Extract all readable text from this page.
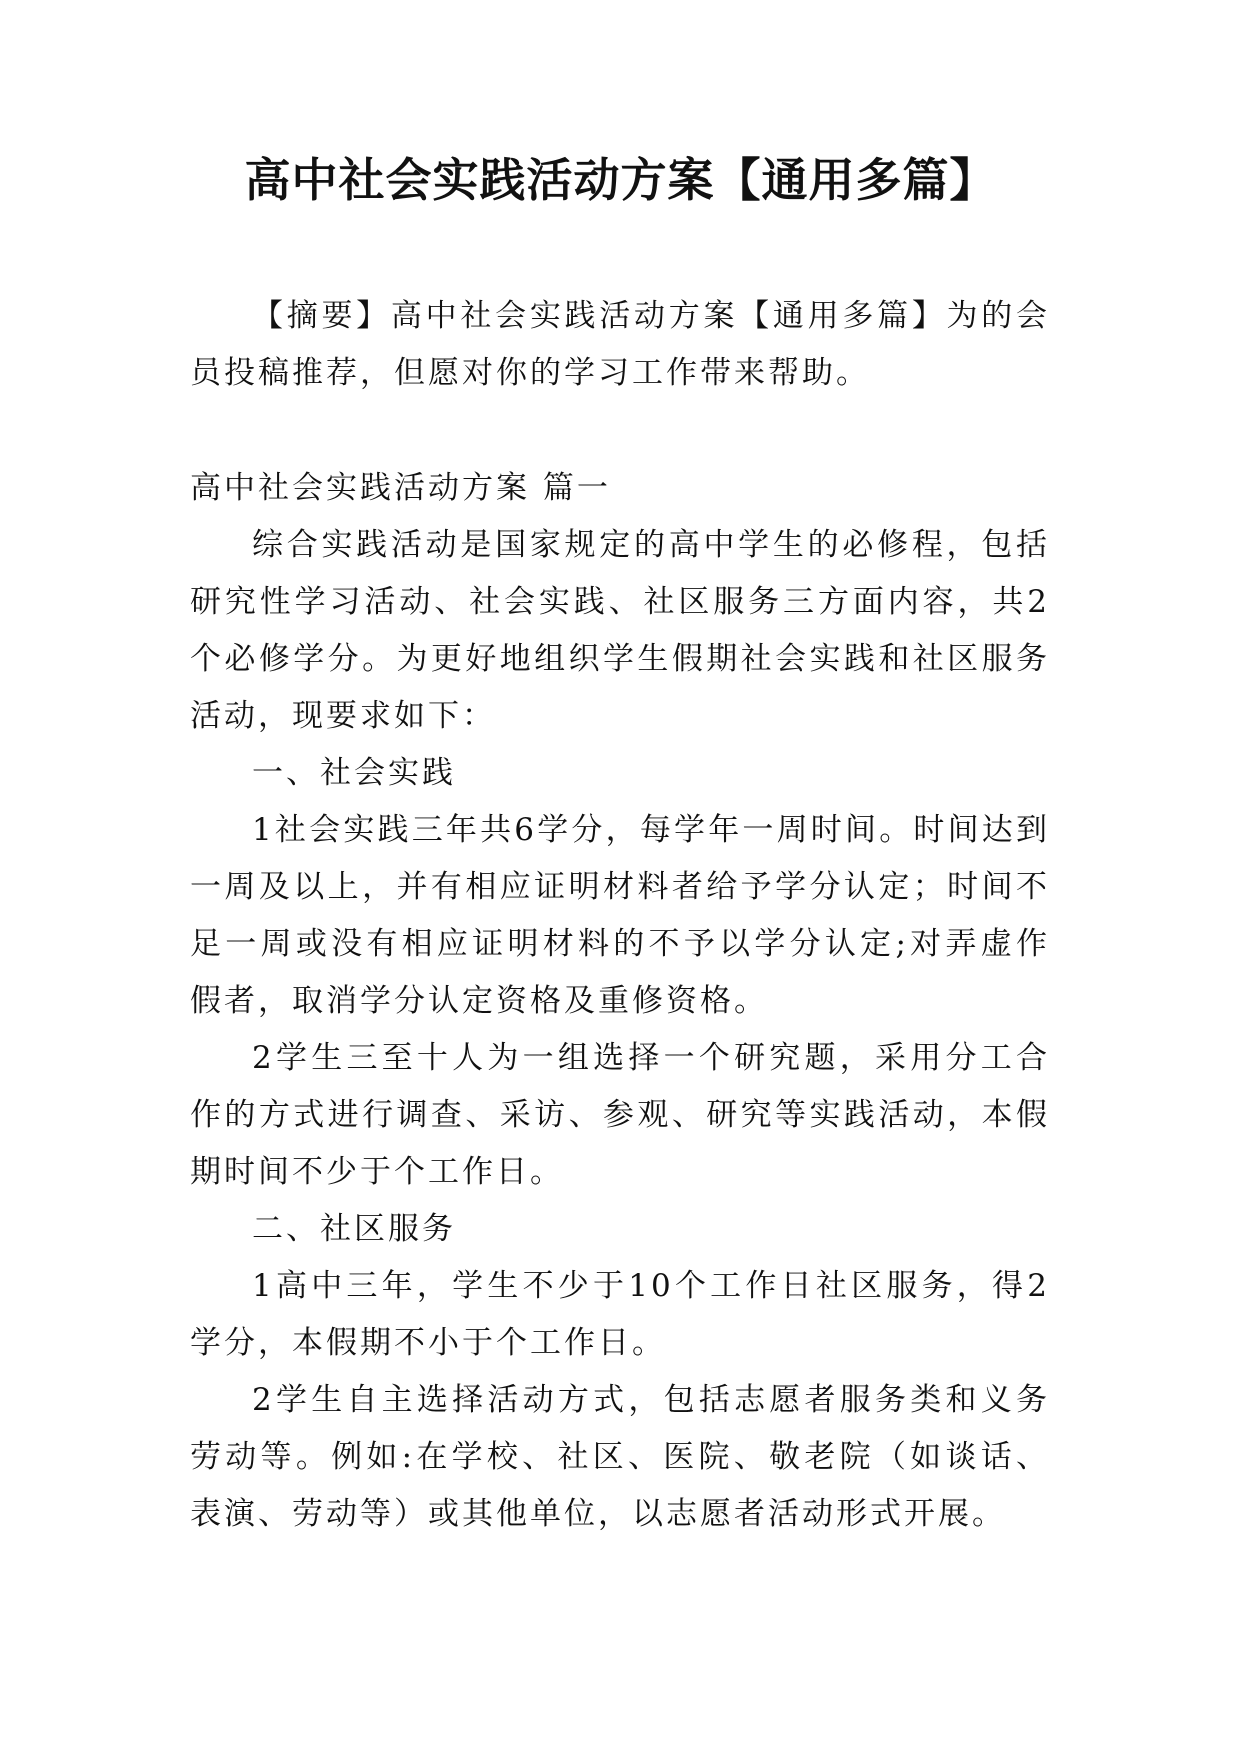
高中社会实践活动方案【通用多篇】

【摘要】高中社会实践活动方案【通用多篇】为的会员投稿推荐，但愿对你的学习工作带来帮助。

高中社会实践活动方案 篇一

综合实践活动是国家规定的高中学生的必修程，包括研究性学习活动、社会实践、社区服务三方面内容，共2个必修学分。为更好地组织学生假期社会实践和社区服务活动，现要求如下：

一、社会实践

1社会实践三年共6学分，每学年一周时间。时间达到一周及以上，并有相应证明材料者给予学分认定；时间不足一周或没有相应证明材料的不予以学分认定;对弄虚作假者，取消学分认定资格及重修资格。

2学生三至十人为一组选择一个研究题，采用分工合作的方式进行调查、采访、参观、研究等实践活动，本假期时间不少于个工作日。

二、社区服务

1高中三年，学生不少于10个工作日社区服务，得2学分，本假期不小于个工作日。

2学生自主选择活动方式，包括志愿者服务类和义务劳动等。例如:在学校、社区、医院、敬老院（如谈话、表演、劳动等）或其他单位，以志愿者活动形式开展。
